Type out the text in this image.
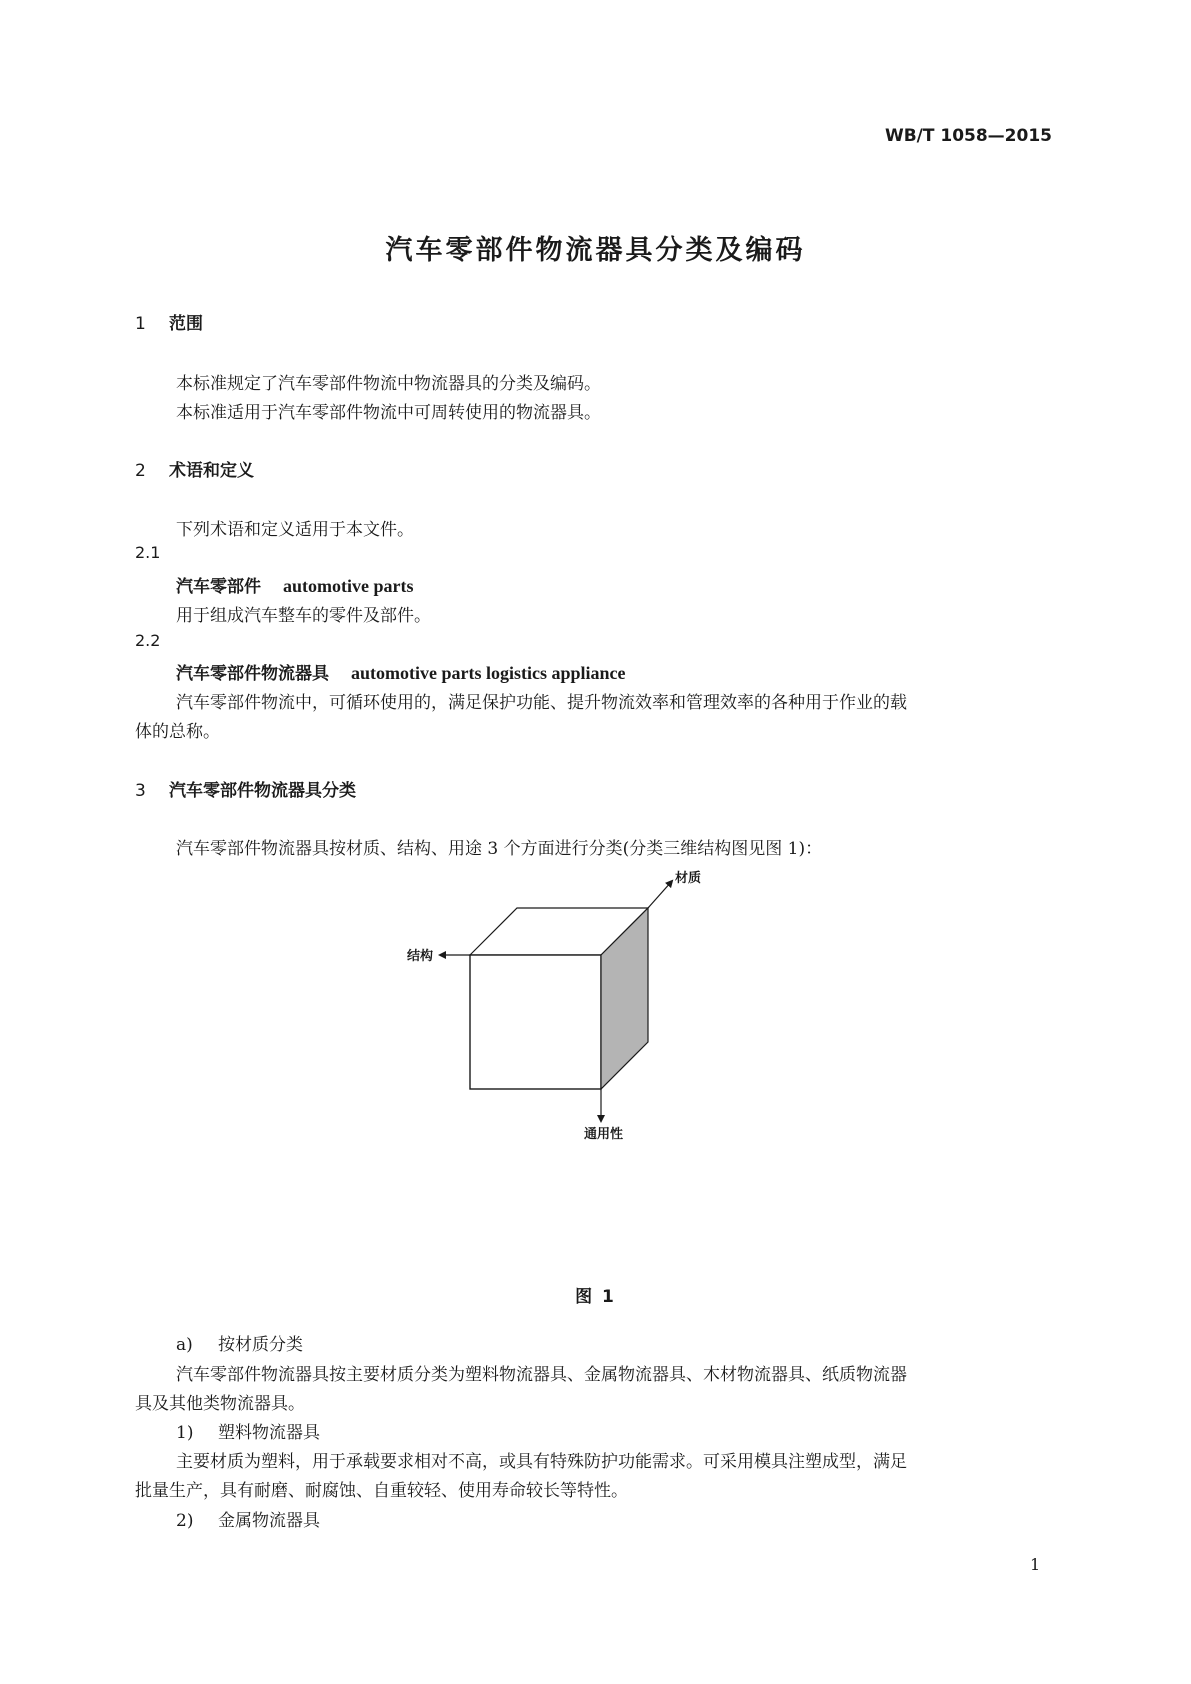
WB/T 1058—2015
汽车零部件物流器具分类及编码
1 范围
本标准规定了汽车零部件物流中物流器具的分类及编码。
本标准适用于汽车零部件物流中可周转使用的物流器具。
2 术语和定义
下列术语和定义适用于本文件。
2.1
汽车零部件 automotive parts
用于组成汽车整车的零件及部件。
2.2
汽车零部件物流器具 automotive parts logistics appliance
汽车零部件物流中，可循环使用的，满足保护功能、提升物流效率和管理效率的各种用于作业的载
体的总称。
3 汽车零部件物流器具分类
汽车零部件物流器具按材质、结构、用途 3 个方面进行分类(分类三维结构图见图 1)：
材质
结构
通用性
图 1
a) 按材质分类
汽车零部件物流器具按主要材质分类为塑料物流器具、金属物流器具、木材物流器具、纸质物流器
具及其他类物流器具。
1) 塑料物流器具
主要材质为塑料，用于承载要求相对不高，或具有特殊防护功能需求。可采用模具注塑成型，满足
批量生产，具有耐磨、耐腐蚀、自重较轻、使用寿命较长等特性。
2) 金属物流器具
1
